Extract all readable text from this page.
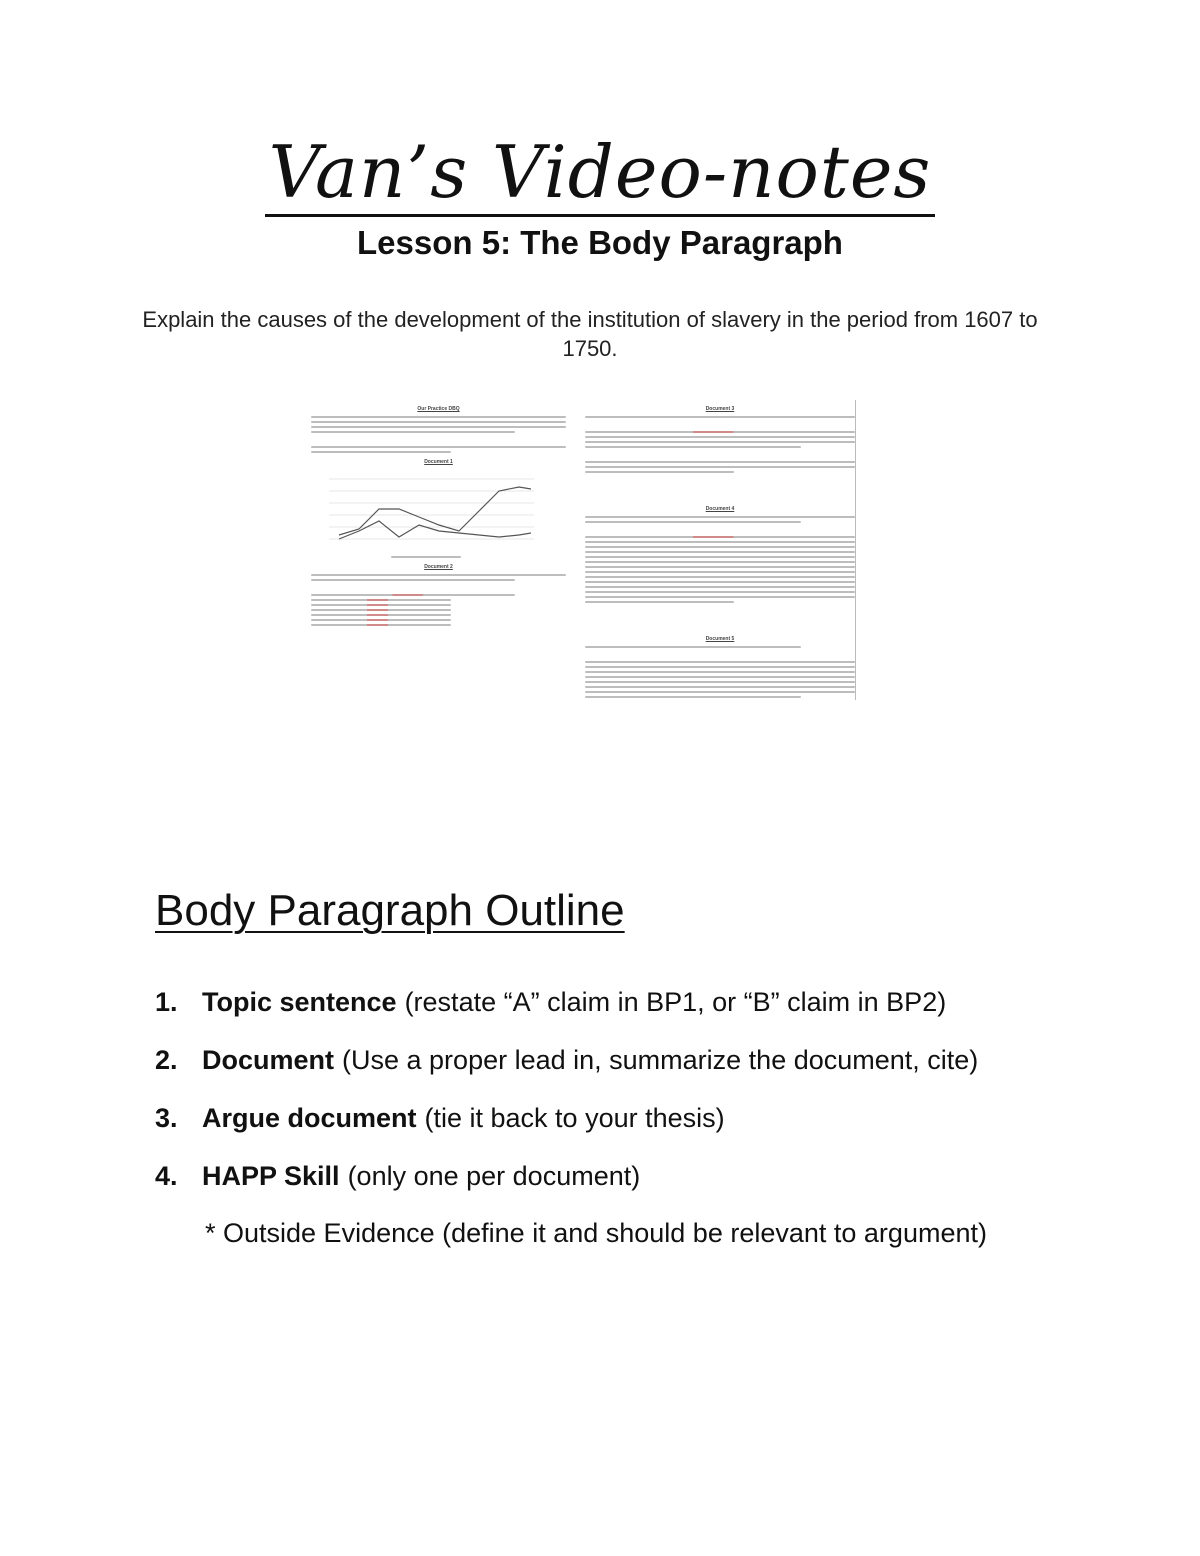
Van’s Video-notes
Lesson 5: The Body Paragraph
Explain the causes of the development of the institution of slavery in the period from 1607 to 1750.
Our Practice DBQ
Document 1
Document 2
Document 3
Document 4
Document 5
Body Paragraph Outline
1. Topic sentence (restate “A” claim in BP1, or “B” claim in BP2)
2. Document (Use a proper lead in, summarize the document, cite)
3. Argue document (tie it back to your thesis)
4. HAPP Skill (only one per document)
* Outside Evidence (define it and should be relevant to argument)
